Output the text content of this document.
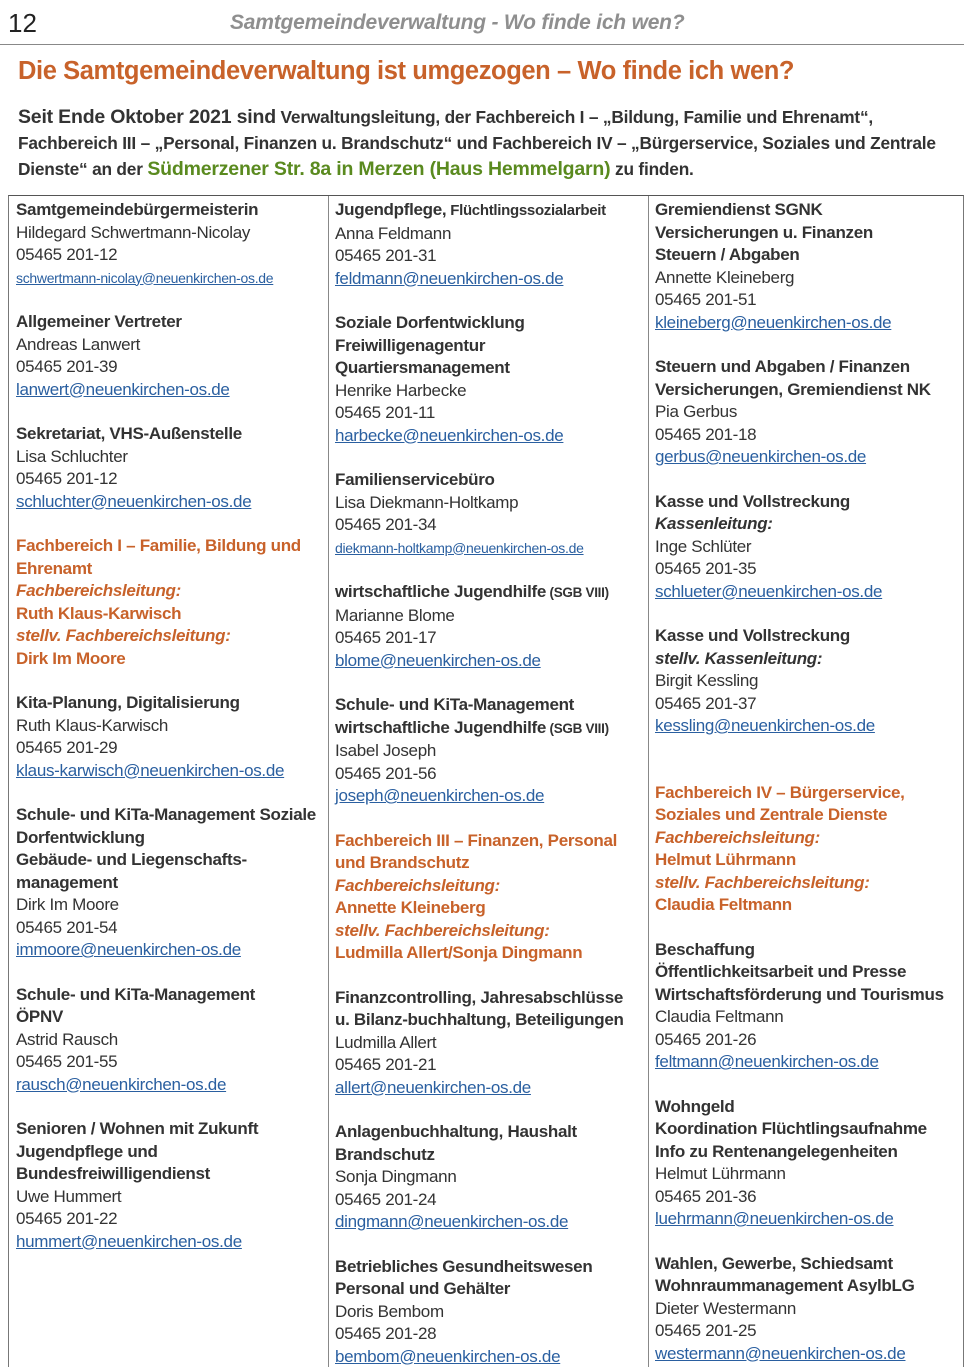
12	Samtgemeindeverwaltung - Wo finde ich wen?
Die Samtgemeindeverwaltung ist umgezogen – Wo finde ich wen?
Seit Ende Oktober 2021 sind Verwaltungsleitung, der Fachbereich I – „Bildung, Familie und Ehrenamt“,
Fachbereich III – „Personal, Finanzen u. Brandschutz“ und Fachbereich IV – „Bürgerservice, Soziales und Zentrale
Dienste“ an der Südmerzener Str. 8a in Merzen (Haus Hemmelgarn) zu finden.
Samtgemeindebürgermeisterin
Hildegard Schwertmann-Nicolay
05465 201-12
schwertmann-nicolay@neuenkirchen-os.de
Allgemeiner Vertreter
Andreas Lanwert
05465 201-39
lanwert@neuenkirchen-os.de
Sekretariat, VHS-Außenstelle
Lisa Schluchter
05465 201-12
schluchter@neuenkirchen-os.de
Fachbereich I – Familie, Bildung und
Ehrenamt
Fachbereichsleitung:
Ruth Klaus-Karwisch
stellv. Fachbereichsleitung:
Dirk Im Moore
Kita-Planung, Digitalisierung
Ruth Klaus-Karwisch
05465 201-29
klaus-karwisch@neuenkirchen-os.de
Schule- und KiTa-Management Soziale
Dorfentwicklung
Gebäude- und Liegenschafts-
management
Dirk Im Moore
05465 201-54
immoore@neuenkirchen-os.de
Schule- und KiTa-Management
ÖPNV
Astrid Rausch
05465 201-55
rausch@neuenkirchen-os.de
Senioren / Wohnen mit Zukunft
Jugendpflege und
Bundesfreiwilligendienst
Uwe Hummert
05465 201-22
hummert@neuenkirchen-os.de
Jugendpflege, Flüchtlingssozialarbeit
Anna Feldmann
05465 201-31
feldmann@neuenkirchen-os.de
Soziale Dorfentwicklung
Freiwilligenagentur
Quartiersmanagement
Henrike Harbecke
05465 201-11
harbecke@neuenkirchen-os.de
Familienservicebüro
Lisa Diekmann-Holtkamp
05465 201-34
diekmann-holtkamp@neuenkirchen-os.de
wirtschaftliche Jugendhilfe (SGB VIII)
Marianne Blome
05465 201-17
blome@neuenkirchen-os.de
Schule- und KiTa-Management
wirtschaftliche Jugendhilfe (SGB VIII)
Isabel Joseph
05465 201-56
joseph@neuenkirchen-os.de
Fachbereich III – Finanzen, Personal
und Brandschutz
Fachbereichsleitung:
Annette Kleineberg
stellv. Fachbereichsleitung:
Ludmilla Allert/Sonja Dingmann
Finanzcontrolling, Jahresabschlüsse
u. Bilanz-buchhaltung, Beteiligungen
Ludmilla Allert
05465 201-21
allert@neuenkirchen-os.de
Anlagenbuchhaltung, Haushalt
Brandschutz
Sonja Dingmann
05465 201-24
dingmann@neuenkirchen-os.de
Betriebliches Gesundheitswesen
Personal und Gehälter
Doris Bembom
05465 201-28
bembom@neuenkirchen-os.de
Gremiendienst SGNK
Versicherungen u. Finanzen
Steuern / Abgaben
Annette Kleineberg
05465 201-51
kleineberg@neuenkirchen-os.de
Steuern und Abgaben / Finanzen
Versicherungen, Gremiendienst NK
Pia Gerbus
05465 201-18
gerbus@neuenkirchen-os.de
Kasse und Vollstreckung
Kassenleitung:
Inge Schlüter
05465 201-35
schlueter@neuenkirchen-os.de
Kasse und Vollstreckung
stellv. Kassenleitung:
Birgit Kessling
05465 201-37
kessling@neuenkirchen-os.de
Fachbereich IV – Bürgerservice,
Soziales und Zentrale Dienste
Fachbereichsleitung:
Helmut Lührmann
stellv. Fachbereichsleitung:
Claudia Feltmann
Beschaffung
Öffentlichkeitsarbeit und Presse
Wirtschaftsförderung und Tourismus
Claudia Feltmann
05465 201-26
feltmann@neuenkirchen-os.de
Wohngeld
Koordination Flüchtlingsaufnahme
Info zu Rentenangelegenheiten
Helmut Lührmann
05465 201-36
luehrmann@neuenkirchen-os.de
Wahlen, Gewerbe, Schiedsamt
Wohnraummanagement AsylbLG
Dieter Westermann
05465 201-25
westermann@neuenkirchen-os.de
